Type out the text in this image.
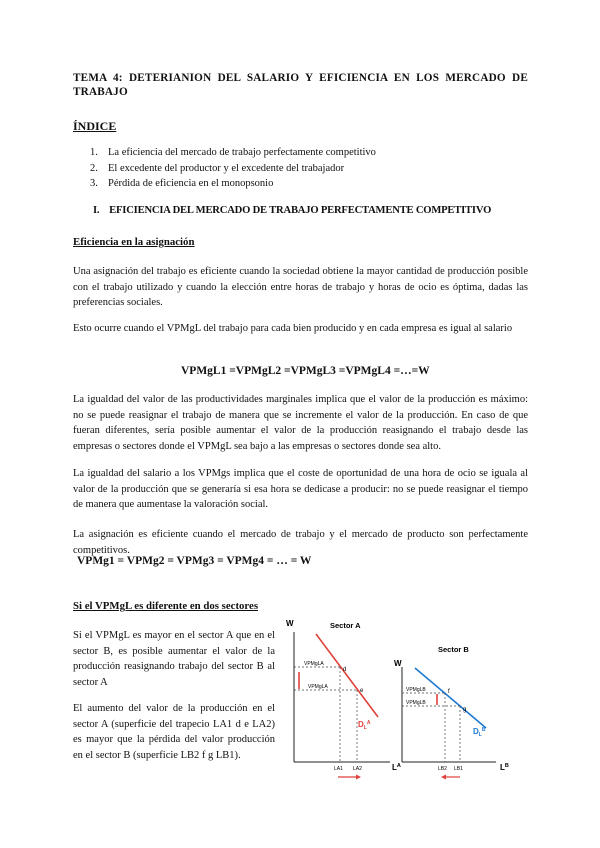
TEMA 4: DETERIANION DEL SALARIO Y EFICIENCIA EN LOS MERCADO DE
TRABAJO
ÍNDICE
1. La eficiencia del mercado de trabajo perfectamente competitivo
2. El excedente del productor y el excedente del trabajador
3. Pérdida de eficiencia en el monopsonio
I.    EFICIENCIA DEL MERCADO DE TRABAJO PERFECTAMENTE COMPETITIVO
Eficiencia en la asignación
Una asignación del trabajo es eficiente cuando la sociedad obtiene la mayor cantidad de producción posible con el trabajo utilizado y cuando la elección entre horas de trabajo y horas de ocio es óptima, dadas las preferencias sociales.
Esto ocurre cuando el VPMgL del trabajo para cada bien producido y en cada empresa es igual al salario
VPMgL1 =VPMgL2 =VPMgL3 =VPMgL4 =…=W
La igualdad del valor de las productividades marginales implica que el valor de la producción es máximo: no se puede reasignar el trabajo de manera que se incremente el valor de la producción. En caso de que fueran diferentes, sería posible aumentar el valor de la producción reasignando el trabajo desde las empresas o sectores donde el VPMgL sea bajo a las empresas o sectores donde sea alto.
La igualdad del salario a los VPMgs implica que el coste de oportunidad de una hora de ocio se iguala al valor de la producción que se generaría si esa hora se dedicase a producir: no se puede reasignar el tiempo de manera que aumentase la valoración social.
La asignación es eficiente cuando el mercado de trabajo y el mercado de producto son perfectamente competitivos.
VPMg1 = VPMg2 = VPMg3 = VPMg4 = … = W
Si el VPMgL es diferente en dos sectores
Si el VPMgL es mayor en el sector A que en el sector B, es posible aumentar el valor de la producción reasignando trabajo del sector B al sector A
El aumento del valor de la producción en el sector A (superficie del trapecio LA1 d e LA2) es mayor que la pérdida del valor producción en el sector B (superficie LB2 f g LB1).
Sector A
W
$L^A$
VPMgLA
VPMgLA
d
e
$D_L^A$
LA1 LA2
Sector B
W
$L^B$
VPMgLB
VPMgLB
f
g
$D_L^B$
LB2 LB1
